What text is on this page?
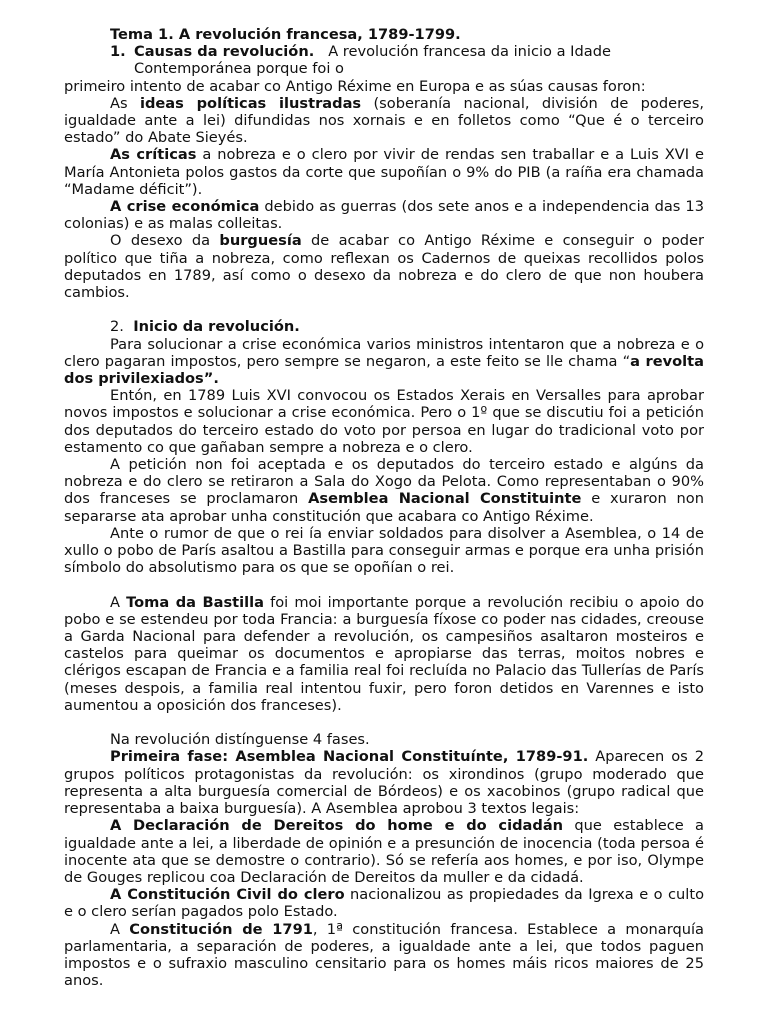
Tema 1. A revolución francesa, 1789-1799.

1. Causas da revolución. A revolución francesa da inicio a Idade
Contemporánea porque foi o

primeiro intento de acabar co Antigo Réxime en Europa e as súas causas foron:

As ideas políticas ilustradas (soberanía nacional, división de poderes, igualdade ante a lei) difundidas nos xornais e en folletos como “Que é o terceiro estado” do Abate Sieyés.

As críticas a nobreza e o clero por vivir de rendas sen traballar e a Luis XVI e María Antonieta polos gastos da corte que supoñían o 9% do PIB (a raíña era chamada “Madame déficit”).

A crise económica debido as guerras (dos sete anos e a independencia das 13 colonias) e as malas colleitas.

O desexo da burguesía de acabar co Antigo Réxime e conseguir o poder político que tiña a nobreza, como reflexan os Cadernos de queixas recollidos polos deputados en 1789, así como o desexo da nobreza e do clero de que non houbera cambios.

2. Inicio da revolución.

Para solucionar a crise económica varios ministros intentaron que a nobreza e o clero pagaran impostos, pero sempre se negaron, a este feito se lle chama “a revolta dos privilexiados”.

Entón, en 1789 Luis XVI convocou os Estados Xerais en Versalles para aprobar novos impostos e solucionar a crise económica. Pero o 1º que se discutiu foi a petición dos deputados do terceiro estado do voto por persoa en lugar do tradicional voto por estamento co que gañaban sempre a nobreza e o clero.

A petición non foi aceptada e os deputados do terceiro estado e algúns da nobreza e do clero se retiraron a Sala do Xogo da Pelota. Como representaban o 90% dos franceses se proclamaron Asemblea Nacional Constituinte e xuraron non separarse ata aprobar unha constitución que acabara co Antigo Réxime.

Ante o rumor de que o rei ía enviar soldados para disolver a Asemblea, o 14 de xullo o pobo de París asaltou a Bastilla para conseguir armas e porque era unha prisión símbolo do absolutismo para os que se opoñían o rei.

A Toma da Bastilla foi moi importante porque a revolución recibiu o apoio do pobo e se estendeu por toda Francia: a burguesía fíxose co poder nas cidades, creouse a Garda Nacional para defender a revolución, os campesiños asaltaron mosteiros e castelos para queimar os documentos e apropiarse das terras, moitos nobres e clérigos escapan de Francia e a familia real foi recluída no Palacio das Tullerías de París (meses despois, a familia real intentou fuxir, pero foron detidos en Varennes e isto aumentou a oposición dos franceses).

Na revolución distínguense 4 fases.

Primeira fase: Asemblea Nacional Constituínte, 1789-91. Aparecen os 2 grupos políticos protagonistas da revolución: os xirondinos (grupo moderado que representa a alta burguesía comercial de Bórdeos) e os xacobinos (grupo radical que representaba a baixa burguesía). A Asemblea aprobou 3 textos legais:

A Declaración de Dereitos do home e do cidadán que establece a igualdade ante a lei, a liberdade de opinión e a presunción de inocencia (toda persoa é inocente ata que se demostre o contrario). Só se refería aos homes, e por iso, Olympe de Gouges replicou coa Declaración de Dereitos da muller e da cidadá.

A Constitución Civil do clero nacionalizou as propiedades da Igrexa e o culto e o clero serían pagados polo Estado.

A Constitución de 1791, 1ª constitución francesa. Establece a monarquía parlamentaria, a separación de poderes, a igualdade ante a lei, que todos paguen impostos e o sufraxio masculino censitario para os homes máis ricos maiores de 25 anos.
